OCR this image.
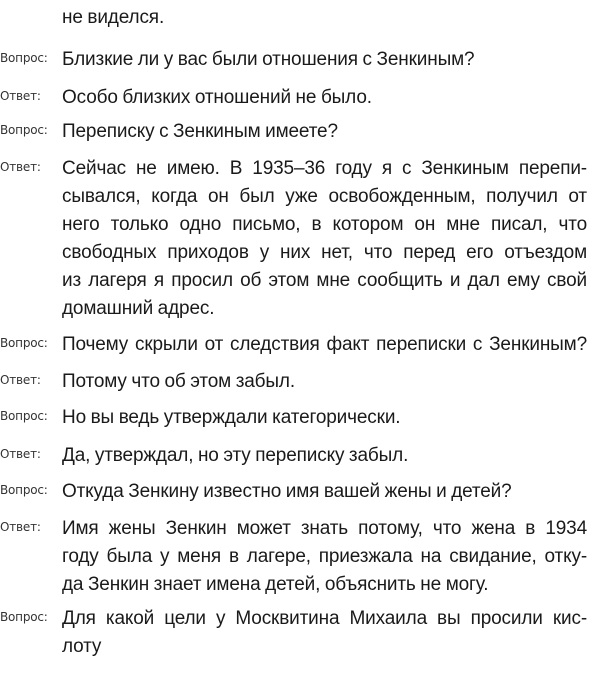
не виделся.
Вопрос: Близкие ли у вас были отношения с Зенкиным?
Ответ: Особо близких отношений не было.
Вопрос: Переписку с Зенкиным имеете?
Ответ: Сейчас не имею. В 1935–36 году я с Зенкиным перепи-
сывался, когда он был уже освобожденным, получил от
него только одно письмо, в котором он мне писал, что
свободных приходов у них нет, что перед его отъездом
из лагеря я просил об этом мне сообщить и дал ему свой
домашний адрес.
Вопрос: Почему скрыли от следствия факт переписки с Зенкиным?
Ответ: Потому что об этом забыл.
Вопрос: Но вы ведь утверждали категорически.
Ответ: Да, утверждал, но эту переписку забыл.
Вопрос: Откуда Зенкину известно имя вашей жены и детей?
Ответ: Имя жены Зенкин может знать потому, что жена в 1934
году была у меня в лагере, приезжала на свидание, отку-
да Зенкин знает имена детей, объяснить не могу.
Вопрос: Для какой цели у Москвитина Михаила вы просили кис-
лоту
